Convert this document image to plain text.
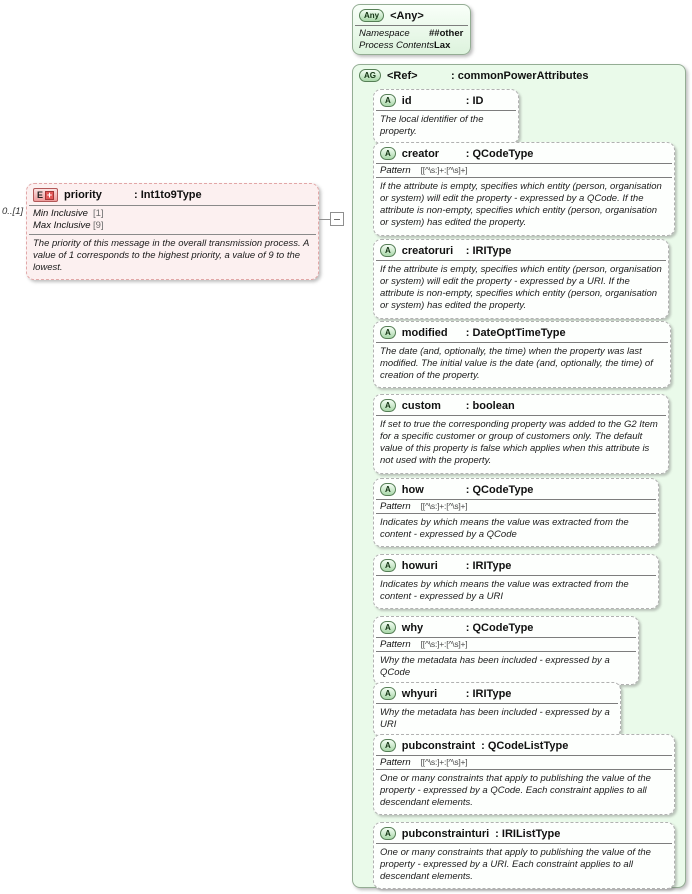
0..[1]
E + priority	: Int1to9Type
Min Inclusive [1]
Max Inclusive [9]
The priority of this message in the overall transmission process. A value of 1 corresponds to the highest priority, a value of 9 to the lowest.
Any	<Any>
Namespace	##other
Process Contents Lax
AG	<Ref>	: commonPowerAttributes
A	id	: ID
The local identifier of the property.
A	creator	: QCodeType
Pattern [[^\s:]+:[^\s]+]
If the attribute is empty, specifies which entity (person, organisation or system) will edit the property - expressed by a QCode. If the attribute is non-empty, specifies which entity (person, organisation or system) has edited the property.
A	creatoruri	: IRIType
If the attribute is empty, specifies which entity (person, organisation or system) will edit the property - expressed by a URI. If the attribute is non-empty, specifies which entity (person, organisation or system) has edited the property.
A	modified	: DateOptTimeType
The date (and, optionally, the time) when the property was last modified. The initial value is the date (and, optionally, the time) of creation of the property.
A	custom	: boolean
If set to true the corresponding property was added to the G2 Item for a specific customer or group of customers only. The default value of this property is false which applies when this attribute is not used with the property.
A	how	: QCodeType
Pattern [[^\s:]+:[^\s]+]
Indicates by which means the value was extracted from the content - expressed by a QCode
A	howuri	: IRIType
Indicates by which means the value was extracted from the content - expressed by a URI
A	why	: QCodeType
Pattern [[^\s:]+:[^\s]+]
Why the metadata has been included - expressed by a QCode
A	whyuri	: IRIType
Why the metadata has been included - expressed by a URI
A	pubconstraint : QCodeListType
Pattern [[^\s:]+:[^\s]+]
One or many constraints that apply to publishing the value of the property - expressed by a QCode. Each constraint applies to all descendant elements.
A	pubconstrainturi : IRIListType
One or many constraints that apply to publishing the value of the property - expressed by a URI. Each constraint applies to all descendant elements.
